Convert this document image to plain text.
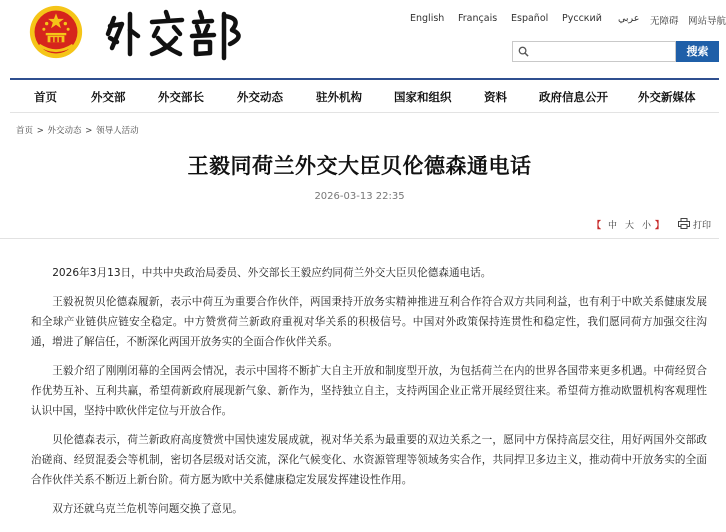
English Français Español Русский عربي 无障碍 网站导航
搜索
首页	外交部	外交部长	外交动态	驻外机构	国家和组织	资料	政府信息公开	外交新媒体
首页 > 外交动态 > 领导人活动
王毅同荷兰外交大臣贝伦德森通电话
2026-03-13 22:35
【 中 大 小 】	打印

2026年3月13日，中共中央政治局委员、外交部长王毅应约同荷兰外交大臣贝伦德森通电话。

王毅祝贺贝伦德森履新，表示中荷互为重要合作伙伴，两国秉持开放务实精神推进互利合作符合双方共同利益，也有利于中欧关系健康发展和全球产业链供应链安全稳定。中方赞赏荷兰新政府重视对华关系的积极信号。中国对外政策保持连贯性和稳定性，我们愿同荷方加强交往沟通，增进了解信任，不断深化两国开放务实的全面合作伙伴关系。

王毅介绍了刚刚闭幕的全国两会情况，表示中国将不断扩大自主开放和制度型开放，为包括荷兰在内的世界各国带来更多机遇。中荷经贸合作优势互补、互利共赢，希望荷新政府展现新气象、新作为，坚持独立自主，支持两国企业正常开展经贸往来。希望荷方推动欧盟机构客观理性认识中国，坚持中欧伙伴定位与开放合作。

贝伦德森表示，荷兰新政府高度赞赏中国快速发展成就，视对华关系为最重要的双边关系之一，愿同中方保持高层交往，用好两国外交部政治磋商、经贸混委会等机制，密切各层级对话交流，深化气候变化、水资源管理等领域务实合作，共同捍卫多边主义，推动荷中开放务实的全面合作伙伴关系不断迈上新台阶。荷方愿为欧中关系健康稳定发展发挥建设性作用。

双方还就乌克兰危机等问题交换了意见。
